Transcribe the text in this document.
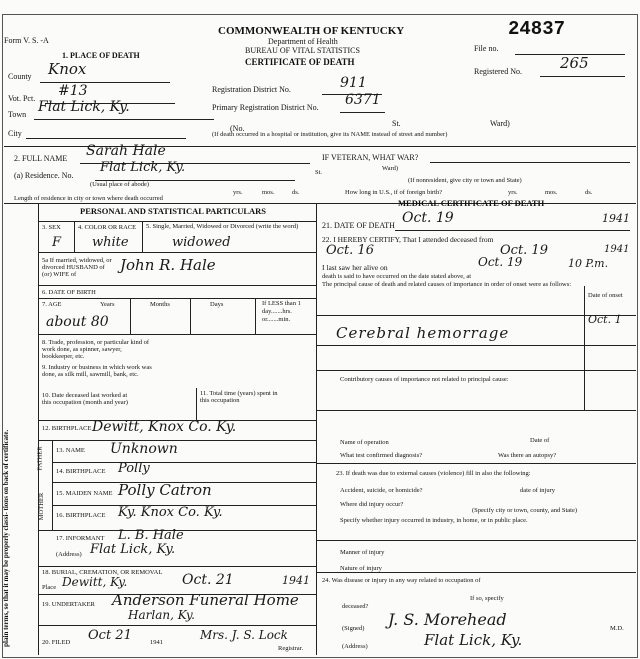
Form V. S. -A
1. PLACE OF DEATH
COMMONWEALTH OF KENTUCKY
Department of Health
BUREAU OF VITAL STATISTICS
CERTIFICATE OF DEATH
24837
File no.
Registered No.	265
County Knox
Vot. Pct. #13
Town Flat Lick, Ky.
City
Registration District No.	911
Primary Registration District No. 6371
(No.
St.	Ward)
(If death occurred in a hospital or institution, give its NAME instead of street and number)
2. FULL NAME Sarah Hale	IF VETERAN, WHAT WAR?
(a) Residence. No.
Flat Lick, Ky.
(Usual place of abode)
St.
Ward)
(If nonresident, give city or town and State)
Length of residence in city or town where death occurred
yrs.	mos.	ds.	How long in U.S., if of foreign birth?	yrs.	mos.	ds.
PERSONAL AND STATISTICAL PARTICULARS
3. SEX
F
4. COLOR OR RACE
white
5. Single, Married, Widowed or Divorced (write the word)
widowed
5a If married, widowed, or divorced HUSBAND of (or) WIFE of
John R. Hale
6. DATE OF BIRTH
7. AGE	Years	Months	Days	If LESS than 1 day.......hrs. or.......min.
about 80
8. Trade, profession, or particular kind of work done, as spinner, sawyer, bookkeeper, etc.
9. Industry or business in which work was done, as silk mill, sawmill, bank, etc.
10. Date deceased last worked at this occupation (month and year)
11. Total time (years) spent in this occupation
12. BIRTHPLACE Dewitt, Knox Co. Ky.
FATHER
MOTHER
13. NAME Unknown
14. BIRTHPLACE Polly
15. MAIDEN NAME Polly Catron
16. BIRTHPLACE Ky. Knox Co. Ky.
17. INFORMANT L. B. Hale
(Address) Flat Lick, Ky.
18. BURIAL, CREMATION, OR REMOVAL
Place Dewitt, Ky.	Oct. 21	1941
19. UNDERTAKER Anderson Funeral Home
Harlan, Ky.
20. FILED Oct 21	1941
Mrs. J. S. Lock
Registrar.
MEDICAL CERTIFICATE OF DEATH
21. DATE OF DEATH Oct. 19	1941
22. I HEREBY CERTIFY, That I attended deceased from
Oct. 16	Oct. 19	1941
I last saw her alive on	Oct. 19	10 P.m.
death is said to have occurred on the date stated above, at
The principal cause of death and related causes of importance in order of onset were as follows:
Date of onset
Cerebral hemorrage
Oct. 1
Contributory causes of importance not related to principal cause:
Name of operation	Date of
What test confirmed diagnosis?	Was there an autopsy?
23. If death was due to external causes (violence) fill in also the following:
Accident, suicide, or homicide?	date of injury
Where did injury occur?
(Specify city or town, county, and State)
Specify whether injury occurred in industry, in home, or in public place.
Manner of injury
Nature of injury
24. Was disease or injury in any way related to occupation of
deceased?
If so, specify
(Signed) J. S. Morehead	M.D.
(Address)	Flat Lick, Ky.
plain terms, so that it may be properly classi- tions on back of certificate.
